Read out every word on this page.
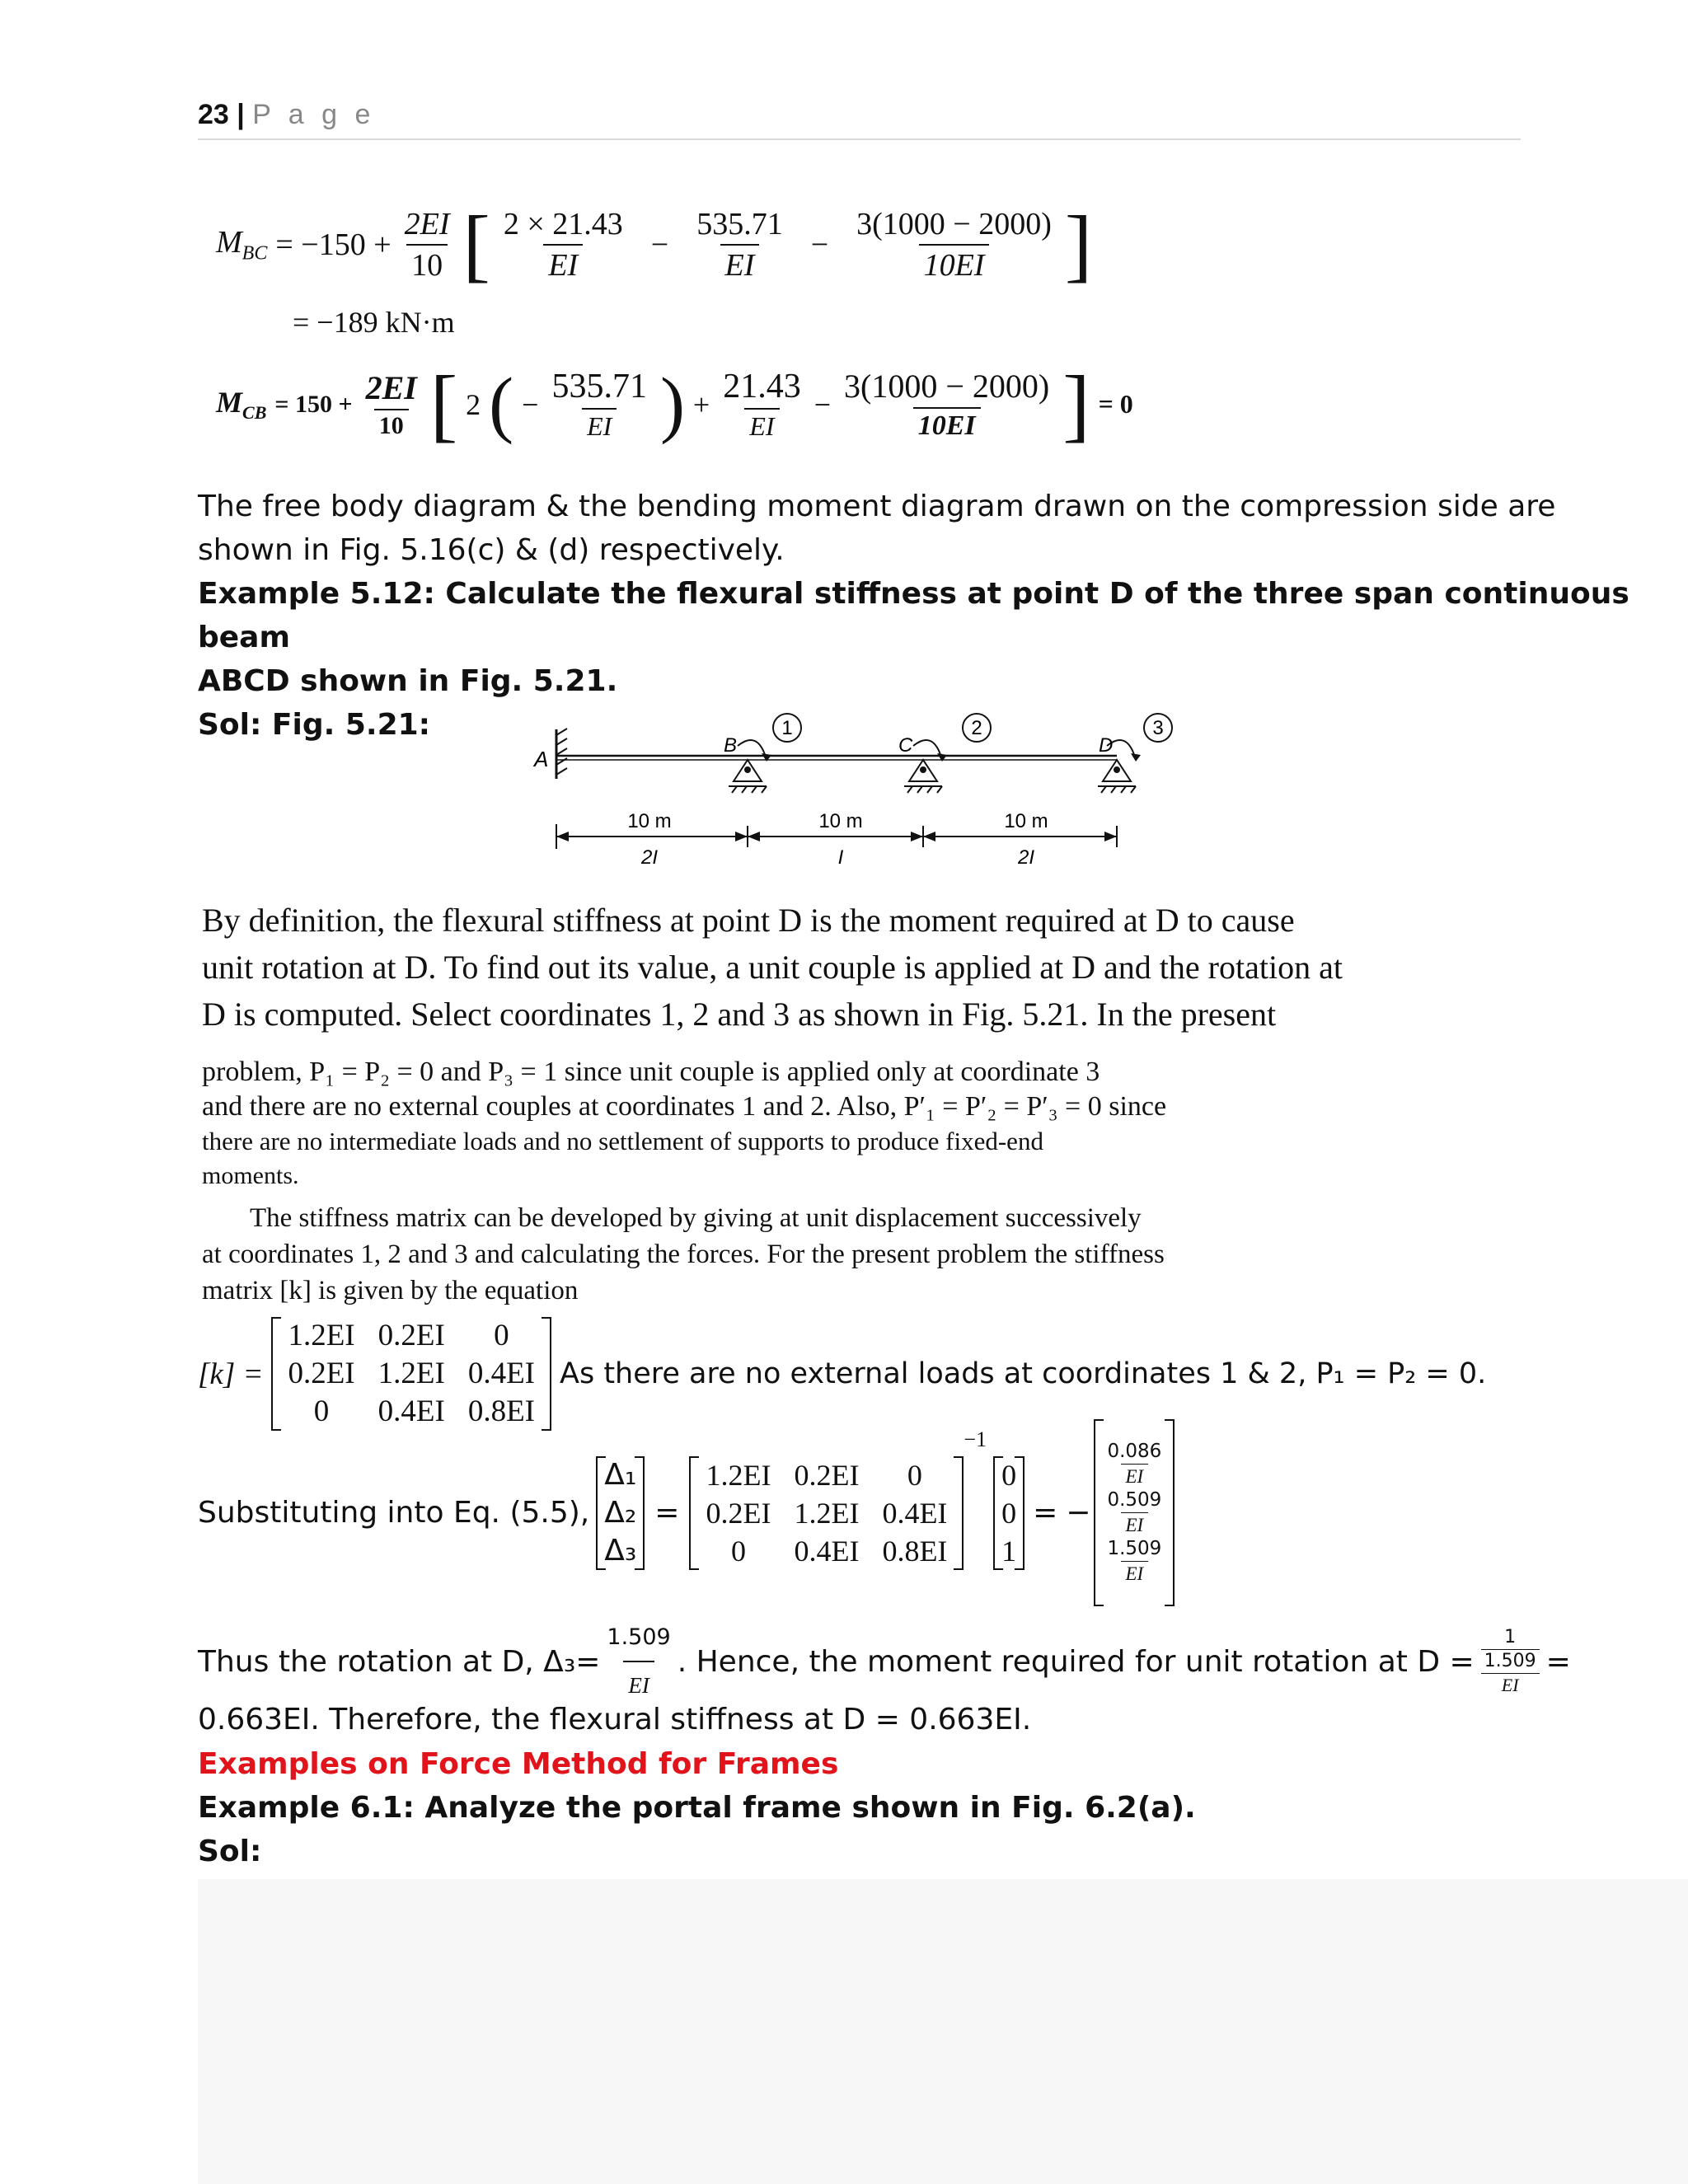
23 | P a g e
$M_{BC} = -150 + \frac{2EI}{10}$ [ $\frac{2 \times 21.43}{EI} - \frac{535.71}{EI} - \frac{3(1000 - 2000)}{10EI}$ ]
= −189 kN·m
$M_{CB} = 150 + \frac{2EI}{10}$ [ 2 ( − $\frac{535.71}{EI}$ ) + $\frac{21.43}{EI} - \frac{3(1000 - 2000)}{10EI}$ ] = 0
The free body diagram & the bending moment diagram drawn on the compression side are
shown in Fig. 5.16(c) & (d) respectively.
Example 5.12: Calculate the flexural stiffness at point D of the three span continuous beam
ABCD shown in Fig. 5.21.
Sol: Fig. 5.21:	1	2	3
A
B	C	D
10 m
2I
10 m
I
10 m
2I
By definition, the flexural stiffness at point D is the moment required at D to cause
unit rotation at D. To find out its value, a unit couple is applied at D and the rotation at
D is computed. Select coordinates 1, 2 and 3 as shown in Fig. 5.21. In the present
problem, P₁ = P₂ = 0 and P₃ = 1 since unit couple is applied only at coordinate 3
and there are no external couples at coordinates 1 and 2. Also, P′₁ = P′₂ = P′₃ = 0 since
there are no intermediate loads and no settlement of supports to produce fixed-end
moments.
The stiffness matrix can be developed by giving at unit displacement successively
at coordinates 1, 2 and 3 and calculating the forces. For the present problem the stiffness
matrix [k] is given by the equation
[k] =
1.2EI	0.2EI	0
0.2EI	1.2EI	0.4EI
0	0.4EI	0.8EI
As there are no external loads at coordinates 1 & 2, P₁ = P₂ = 0.
Substituting into Eq. (5.5),
Δ₁
Δ₂
Δ₃
=
1.2EI	0.2EI	0
0.2EI	1.2EI	0.4EI
0	0.4EI	0.8EI
−1
0
0
1
= −
$\frac{0.086}{EI}$
$\frac{0.509}{EI}$
$\frac{1.509}{EI}$
Thus the rotation at D, $\Delta_3= \frac{1.509}{EI}$ . Hence, the moment required for unit rotation at D =
1
1.509
EI
=
0.663EI. Therefore, the flexural stiffness at D = 0.663EI.
Examples on Force Method for Frames
Example 6.1: Analyze the portal frame shown in Fig. 6.2(a).
Sol:
